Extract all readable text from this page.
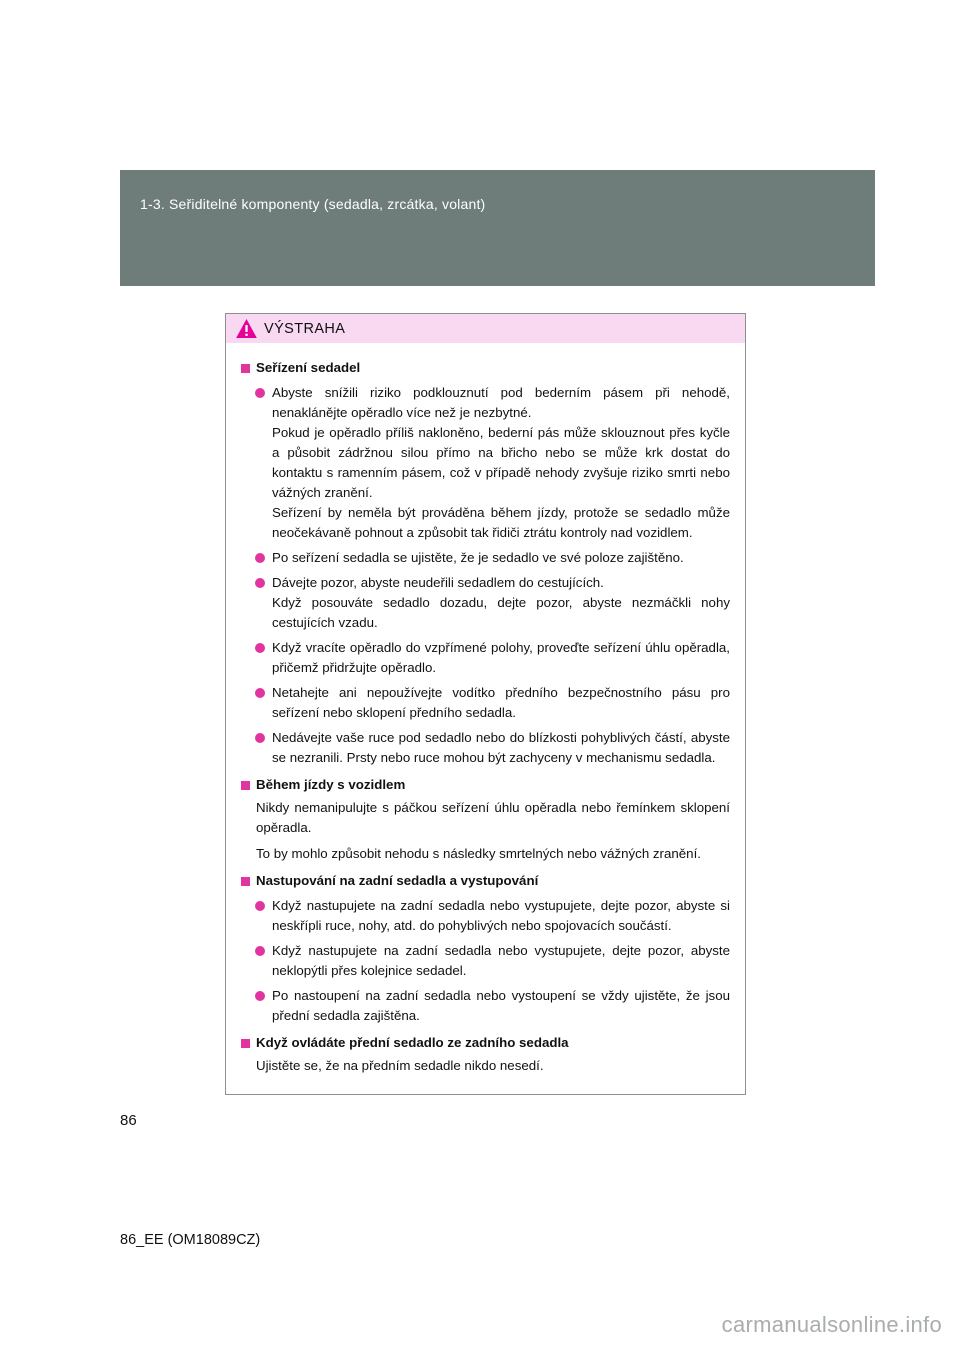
1-3. Seřiditelné komponenty (sedadla, zrcátka, volant)
VÝSTRAHA
Seřízení sedadel

Abyste snížili riziko podklouznutí pod bederním pásem při nehodě, nenaklánějte opěradlo více než je nezbytné.

Pokud je opěradlo příliš nakloněno, bederní pás může sklouznout přes kyčle a působit zádržnou silou přímo na břicho nebo se může krk dostat do kontaktu s ramenním pásem, což v případě nehody zvyšuje riziko smrti nebo vážných zranění.

Seřízení by neměla být prováděna během jízdy, protože se sedadlo může neočekávaně pohnout a způsobit tak řidiči ztrátu kontroly nad vozidlem.

Po seřízení sedadla se ujistěte, že je sedadlo ve své poloze zajištěno.

Dávejte pozor, abyste neudeřili sedadlem do cestujících.

Když posouváte sedadlo dozadu, dejte pozor, abyste nezmáčkli nohy cestujících vzadu.

Když vracíte opěradlo do vzpřímené polohy, proveďte seřízení úhlu opěradla, přičemž přidržujte opěradlo.

Netahejte ani nepoužívejte vodítko předního bezpečnostního pásu pro seřízení nebo sklopení předního sedadla.

Nedávejte vaše ruce pod sedadlo nebo do blízkosti pohyblivých částí, abyste se nezranili. Prsty nebo ruce mohou být zachyceny v mechanismu sedadla.

Během jízdy s vozidlem

Nikdy nemanipulujte s páčkou seřízení úhlu opěradla nebo řemínkem sklopení opěradla.

To by mohlo způsobit nehodu s následky smrtelných nebo vážných zranění.

Nastupování na zadní sedadla a vystupování

Když nastupujete na zadní sedadla nebo vystupujete, dejte pozor, abyste si neskřípli ruce, nohy, atd. do pohyblivých nebo spojovacích součástí.

Když nastupujete na zadní sedadla nebo vystupujete, dejte pozor, abyste neklopýtli přes kolejnice sedadel.

Po nastoupení na zadní sedadla nebo vystoupení se vždy ujistěte, že jsou přední sedadla zajištěna.

Když ovládáte přední sedadlo ze zadního sedadla

Ujistěte se, že na předním sedadle nikdo nesedí.

86
86_EE (OM18089CZ)
carmanualsonline.info
